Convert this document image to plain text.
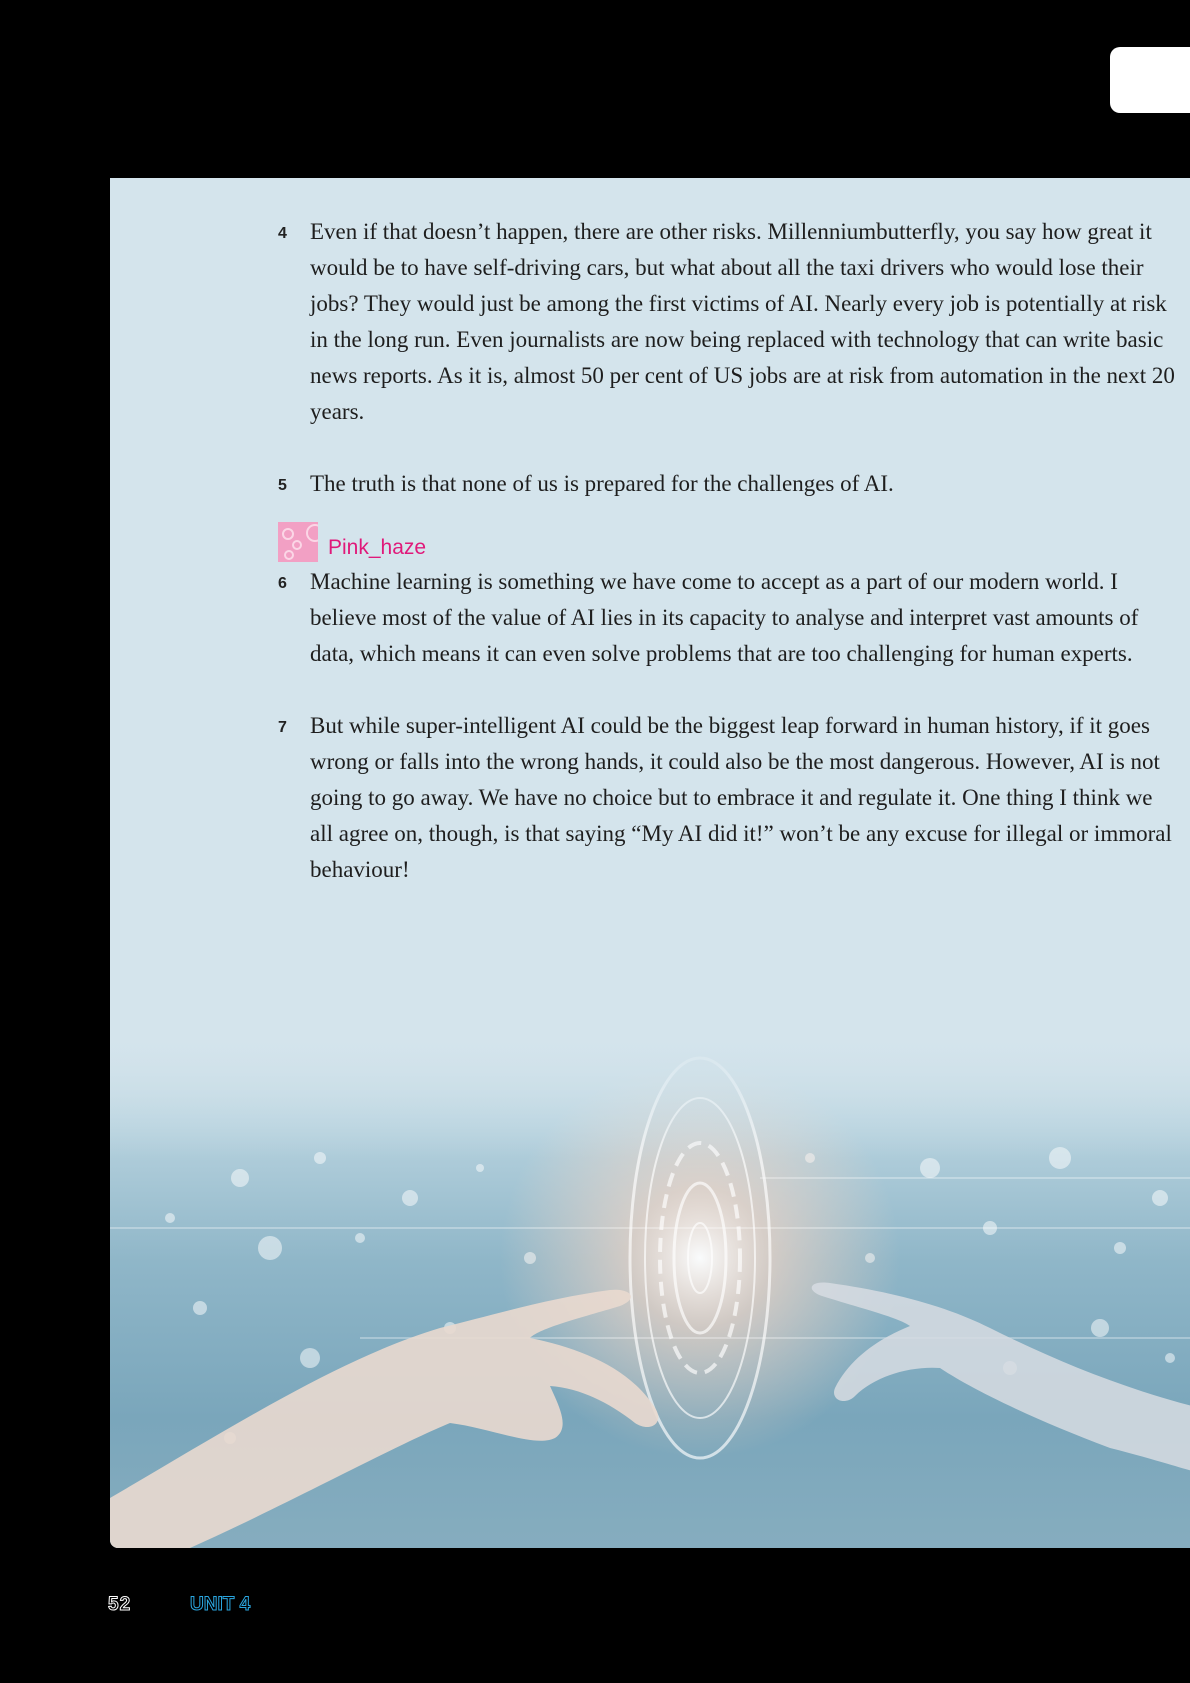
4 Even if that doesn’t happen, there are other risks. Millenniumbutterfly, you say how great it would be to have self-driving cars, but what about all the taxi drivers who would lose their jobs? They would just be among the first victims of AI. Nearly every job is potentially at risk in the long run. Even journalists are now being replaced with technology that can write basic news reports. As it is, almost 50 per cent of US jobs are at risk from automation in the next 20 years.

5 The truth is that none of us is prepared for the challenges of AI.

Pink_haze

6 Machine learning is something we have come to accept as a part of our modern world. I believe most of the value of AI lies in its capacity to analyse and interpret vast amounts of data, which means it can even solve problems that are too challenging for human experts.

7 But while super-intelligent AI could be the biggest leap forward in human history, if it goes wrong or falls into the wrong hands, it could also be the most dangerous. However, AI is not going to go away. We have no choice but to embrace it and regulate it. One thing I think we all agree on, though, is that saying “My AI did it!” won’t be any excuse for illegal or immoral behaviour!

52	UNIT 4
